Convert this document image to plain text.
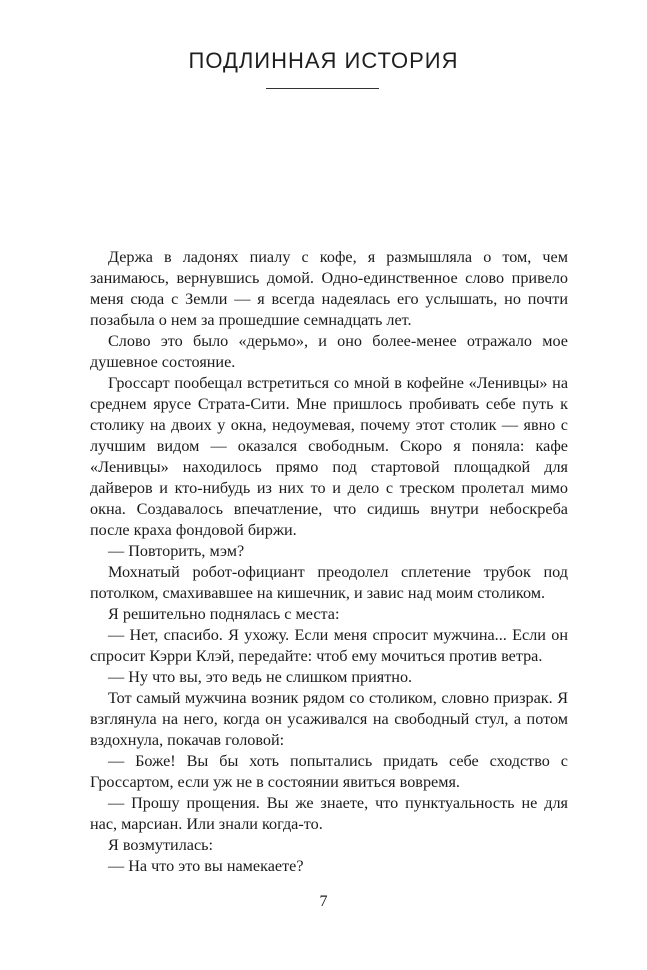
ПОДЛИННАЯ ИСТОРИЯ

Держа в ладонях пиалу с кофе, я размышляла о том, чем занимаюсь, вернувшись домой. Одно-единственное слово привело меня сюда с Земли — я всегда надеялась его услышать, но почти позабыла о нем за прошедшие семнадцать лет.

Слово это было «дерьмо», и оно более-менее отражало мое душевное состояние.

Гроссарт пообещал встретиться со мной в кофейне «Ленивцы» на среднем ярусе Страта-Сити. Мне пришлось пробивать себе путь к столику на двоих у окна, недоумевая, почему этот столик — явно с лучшим видом — оказался свободным. Скоро я поняла: кафе «Ленивцы» находилось прямо под стартовой площадкой для дайверов и кто-нибудь из них то и дело с треском пролетал мимо окна. Создавалось впечатление, что сидишь внутри небоскреба после краха фондовой биржи.

— Повторить, мэм?

Мохнатый робот-официант преодолел сплетение трубок под потолком, смахивавшее на кишечник, и завис над моим столиком.

Я решительно поднялась с места:

— Нет, спасибо. Я ухожу. Если меня спросит мужчина... Если он спросит Кэрри Клэй, передайте: чтоб ему мочиться против ветра.

— Ну что вы, это ведь не слишком приятно.

Тот самый мужчина возник рядом со столиком, словно призрак. Я взглянула на него, когда он усаживался на свободный стул, а потом вздохнула, покачав головой:

— Боже! Вы бы хоть попытались придать себе сходство с Гроссартом, если уж не в состоянии явиться вовремя.

— Прошу прощения. Вы же знаете, что пунктуальность не для нас, марсиан. Или знали когда-то.

Я возмутилась:

— На что это вы намекаете?

7
